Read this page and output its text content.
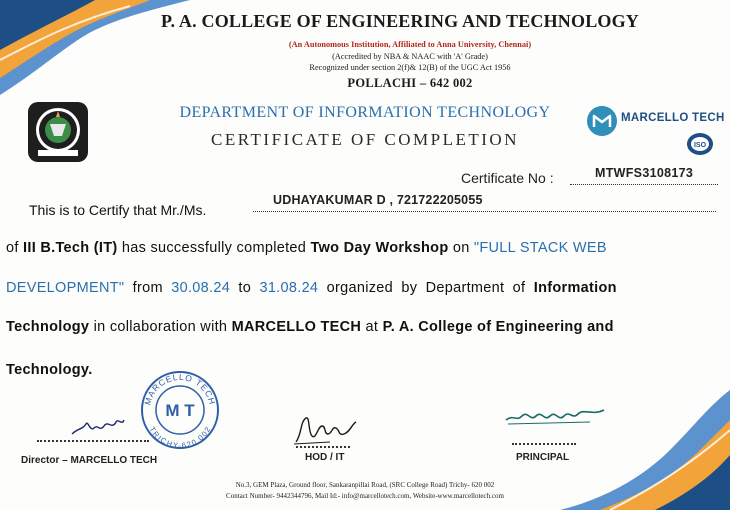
P. A. COLLEGE OF ENGINEERING AND TECHNOLOGY
(An Autonomous Institution, Affiliated to Anna University, Chennai)
(Accredited by NBA & NAAC with 'A' Grade)
Recognized under section 2(f)& 12(B) of the UGC Act 1956
POLLACHI – 642 002
DEPARTMENT OF INFORMATION TECHNOLOGY
CERTIFICATE OF COMPLETION
MARCELLO TECH
ISO
Certificate No :	MTWFS3108173
This is to Certify that Mr./Ms.
UDHAYAKUMAR D , 721722205055
of III B.Tech (IT) has successfully completed Two Day Workshop on "FULL STACK WEB
DEVELOPMENT" from 30.08.24 to 31.08.24 organized by Department of Information
Technology in collaboration with MARCELLO TECH at P. A. College of Engineering and
Technology.
MARCELLO TECH
TRICHY-620 002
M T
Director – MARCELLO TECH	HOD / IT	PRINCIPAL
No.3, GEM Plaza, Ground floor, Sankaranpillai Road, (SRC College Road) Trichy- 620 002
Contact Number- 9442344796, Mail Id:- info@marcellotech.com, Website-www.marcellotech.com
